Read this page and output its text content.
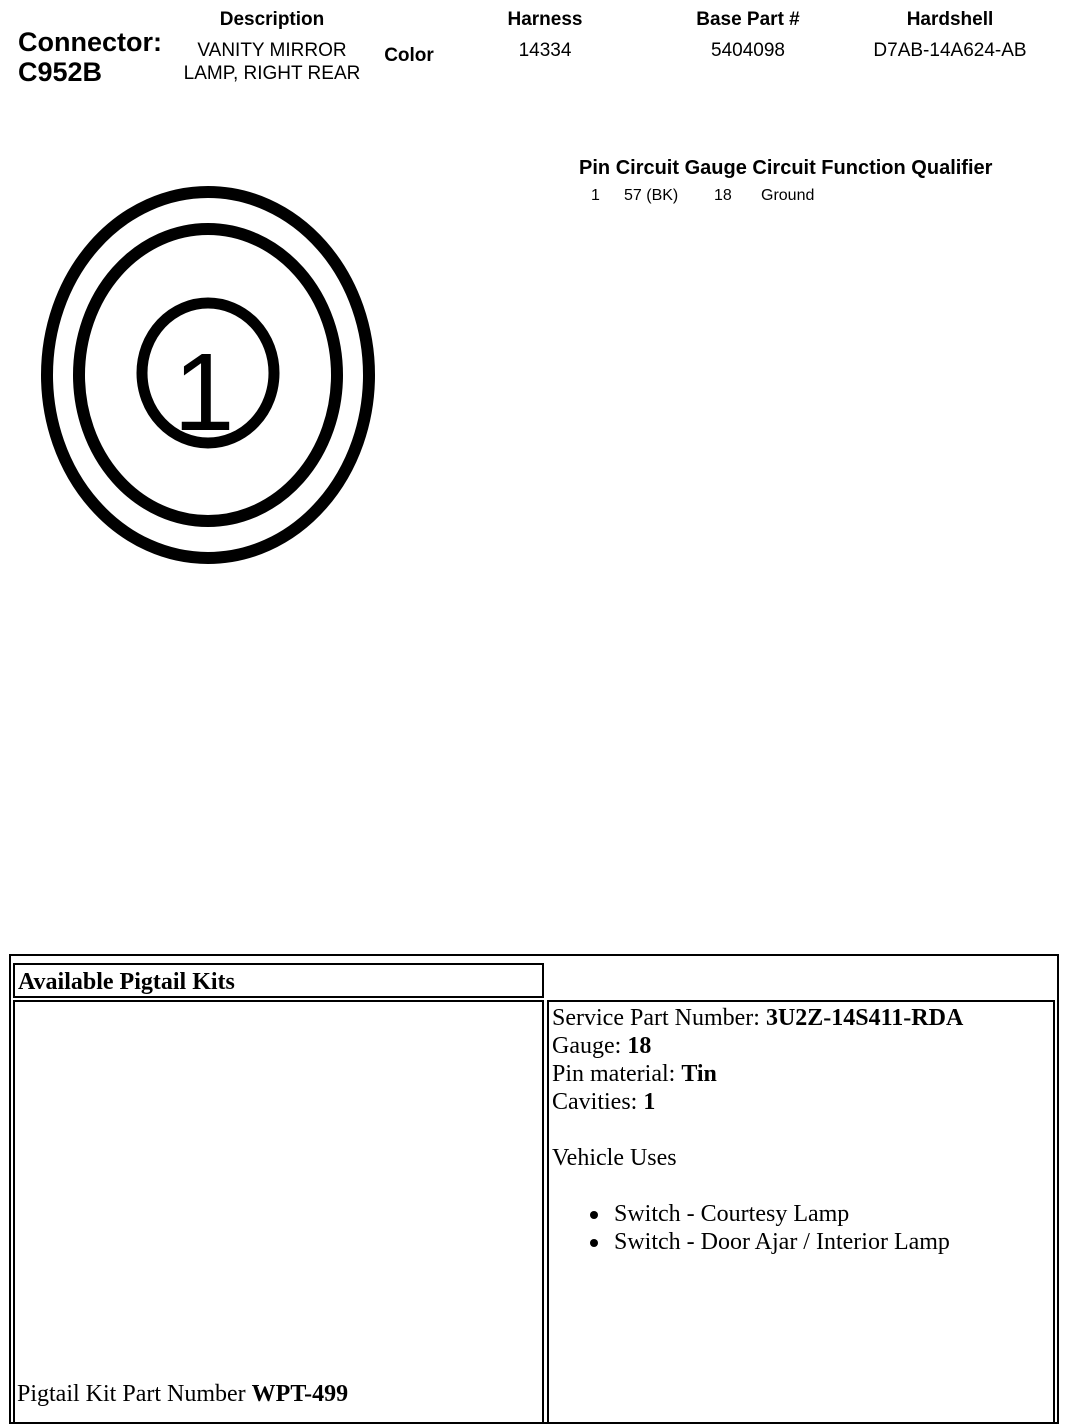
Connector:
C952B
Description
VANITY MIRROR LAMP, RIGHT REAR
Color
Harness
14334
Base Part #
5404098
Hardshell
D7AB-14A624-AB
1
Pin Circuit Gauge Circuit Function Qualifier
1 57 (BK) 18 Ground
Available Pigtail Kits
Pigtail Kit Part Number WPT-499
Service Part Number: 3U2Z-14S411-RDA
Gauge: 18
Pin material: Tin
Cavities: 1
Vehicle Uses
Switch - Courtesy Lamp
Switch - Door Ajar / Interior Lamp
